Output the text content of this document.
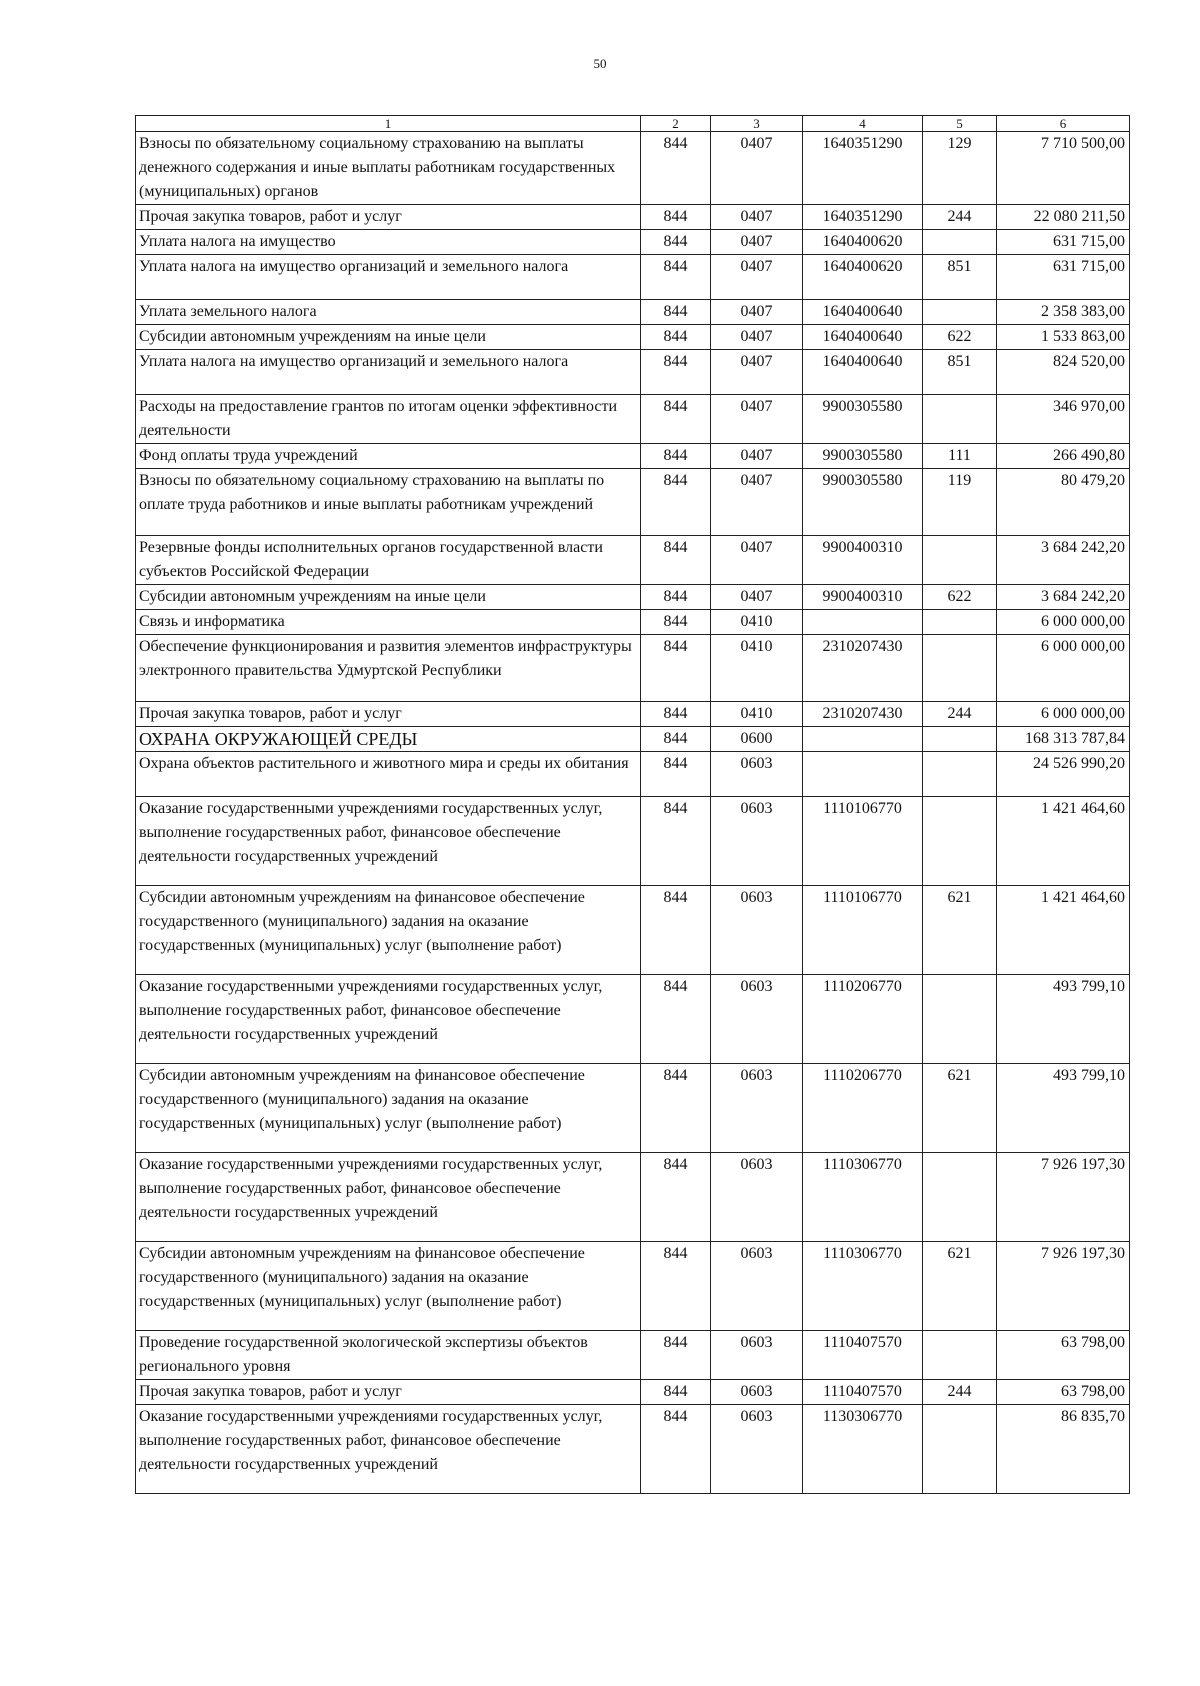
50
1	2	3	4	5	6
Взносы по обязательному социальному страхованию на выплаты денежного содержания и иные выплаты работникам государственных (муниципальных) органов	844	0407	1640351290	129	7 710 500,00
Прочая закупка товаров, работ и услуг	844	0407	1640351290	244	22 080 211,50
Уплата налога на имущество	844	0407	1640400620		631 715,00
Уплата налога на имущество организаций и земельного налога	844	0407	1640400620	851	631 715,00
Уплата земельного налога	844	0407	1640400640		2 358 383,00
Субсидии автономным учреждениям на иные цели	844	0407	1640400640	622	1 533 863,00
Уплата налога на имущество организаций и земельного налога	844	0407	1640400640	851	824 520,00
Расходы на предоставление грантов по итогам оценки эффективности деятельности	844	0407	9900305580		346 970,00
Фонд оплаты труда учреждений	844	0407	9900305580	111	266 490,80
Взносы по обязательному социальному страхованию на выплаты по оплате труда работников и иные выплаты работникам учреждений	844	0407	9900305580	119	80 479,20
Резервные фонды исполнительных органов государственной власти субъектов Российской Федерации	844	0407	9900400310		3 684 242,20
Субсидии автономным учреждениям на иные цели	844	0407	9900400310	622	3 684 242,20
Связь и информатика	844	0410			6 000 000,00
Обеспечение функционирования и развития элементов инфраструктуры электронного правительства Удмуртской Республики	844	0410	2310207430		6 000 000,00
Прочая закупка товаров, работ и услуг	844	0410	2310207430	244	6 000 000,00
ОХРАНА ОКРУЖАЮЩЕЙ СРЕДЫ	844	0600			168 313 787,84
Охрана объектов растительного и животного мира и среды их обитания	844	0603			24 526 990,20
Оказание государственными учреждениями государственных услуг, выполнение государственных работ, финансовое обеспечение деятельности государственных учреждений	844	0603	1110106770		1 421 464,60
Субсидии автономным учреждениям на финансовое обеспечение государственного (муниципального) задания на оказание государственных (муниципальных) услуг (выполнение работ)	844	0603	1110106770	621	1 421 464,60
Оказание государственными учреждениями государственных услуг, выполнение государственных работ, финансовое обеспечение деятельности государственных учреждений	844	0603	1110206770		493 799,10
Субсидии автономным учреждениям на финансовое обеспечение государственного (муниципального) задания на оказание государственных (муниципальных) услуг (выполнение работ)	844	0603	1110206770	621	493 799,10
Оказание государственными учреждениями государственных услуг, выполнение государственных работ, финансовое обеспечение деятельности государственных учреждений	844	0603	1110306770		7 926 197,30
Субсидии автономным учреждениям на финансовое обеспечение государственного (муниципального) задания на оказание государственных (муниципальных) услуг (выполнение работ)	844	0603	1110306770	621	7 926 197,30
Проведение государственной экологической экспертизы объектов регионального уровня	844	0603	1110407570		63 798,00
Прочая закупка товаров, работ и услуг	844	0603	1110407570	244	63 798,00
Оказание государственными учреждениями государственных услуг, выполнение государственных работ, финансовое обеспечение деятельности государственных учреждений	844	0603	1130306770		86 835,70
